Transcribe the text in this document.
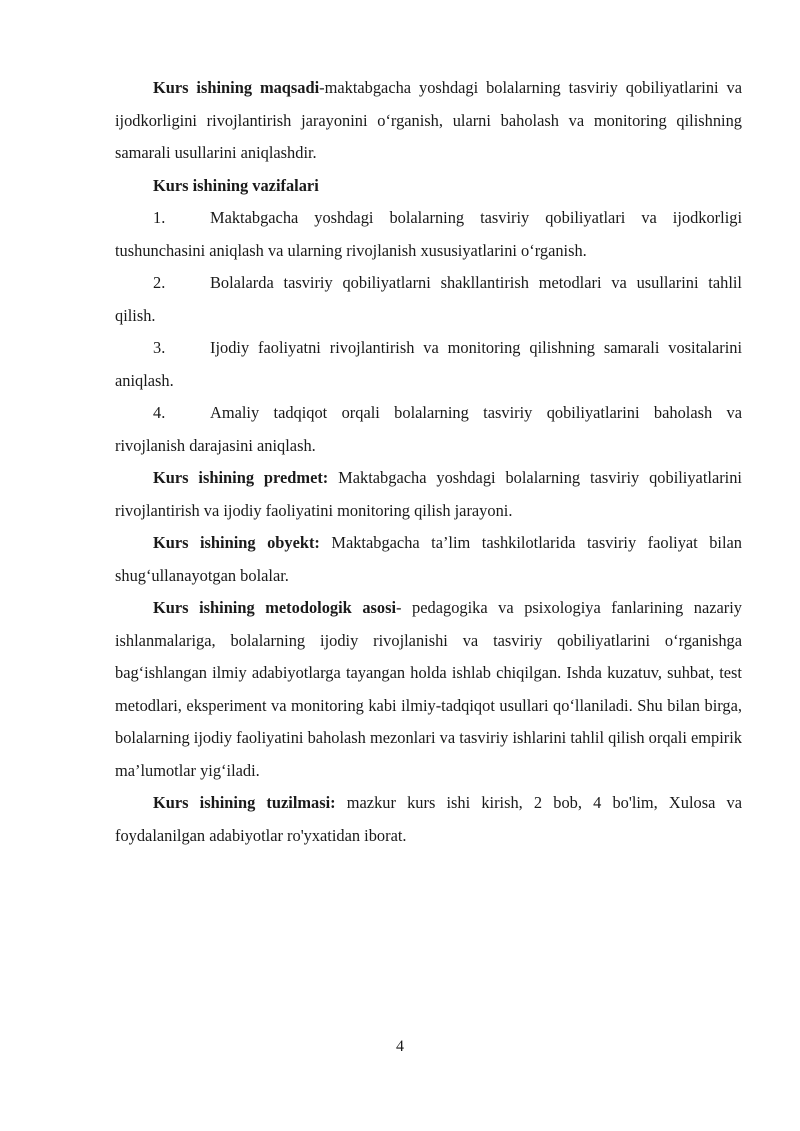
Kurs ishining maqsadi-maktabgacha yoshdagi bolalarning tasviriy qobiliyatlarini va ijodkorligini rivojlantirish jarayonini o‘rganish, ularni baholash va monitoring qilishning samarali usullarini aniqlashdir.

Kurs ishining vazifalari

1.	Maktabgacha yoshdagi bolalarning tasviriy qobiliyatlari va ijodkorligi tushunchasini aniqlash va ularning rivojlanish xususiyatlarini o‘rganish.

2.	Bolalarda tasviriy qobiliyatlarni shakllantirish metodlari va usullarini tahlil qilish.

3.	Ijodiy faoliyatni rivojlantirish va monitoring qilishning samarali vositalarini aniqlash.

4.	Amaliy tadqiqot orqali bolalarning tasviriy qobiliyatlarini baholash va rivojlanish darajasini aniqlash.

Kurs ishining predmet: Maktabgacha yoshdagi bolalarning tasviriy qobiliyatlarini rivojlantirish va ijodiy faoliyatini monitoring qilish jarayoni.

Kurs ishining obyekt: Maktabgacha ta’lim tashkilotlarida tasviriy faoliyat bilan shug‘ullanayotgan bolalar.

Kurs ishining metodologik asosi- pedagogika va psixologiya fanlarining nazariy ishlanmalariga, bolalarning ijodiy rivojlanishi va tasviriy qobiliyatlarini o‘rganishga bag‘ishlangan ilmiy adabiyotlarga tayangan holda ishlab chiqilgan. Ishda kuzatuv, suhbat, test metodlari, eksperiment va monitoring kabi ilmiy-tadqiqot usullari qo‘llaniladi. Shu bilan birga, bolalarning ijodiy faoliyatini baholash mezonlari va tasviriy ishlarini tahlil qilish orqali empirik ma’lumotlar yig‘iladi.

Kurs ishining tuzilmasi: mazkur kurs ishi kirish, 2 bob, 4 bo'lim, Xulosa va foydalanilgan adabiyotlar ro'yxatidan iborat.

4
